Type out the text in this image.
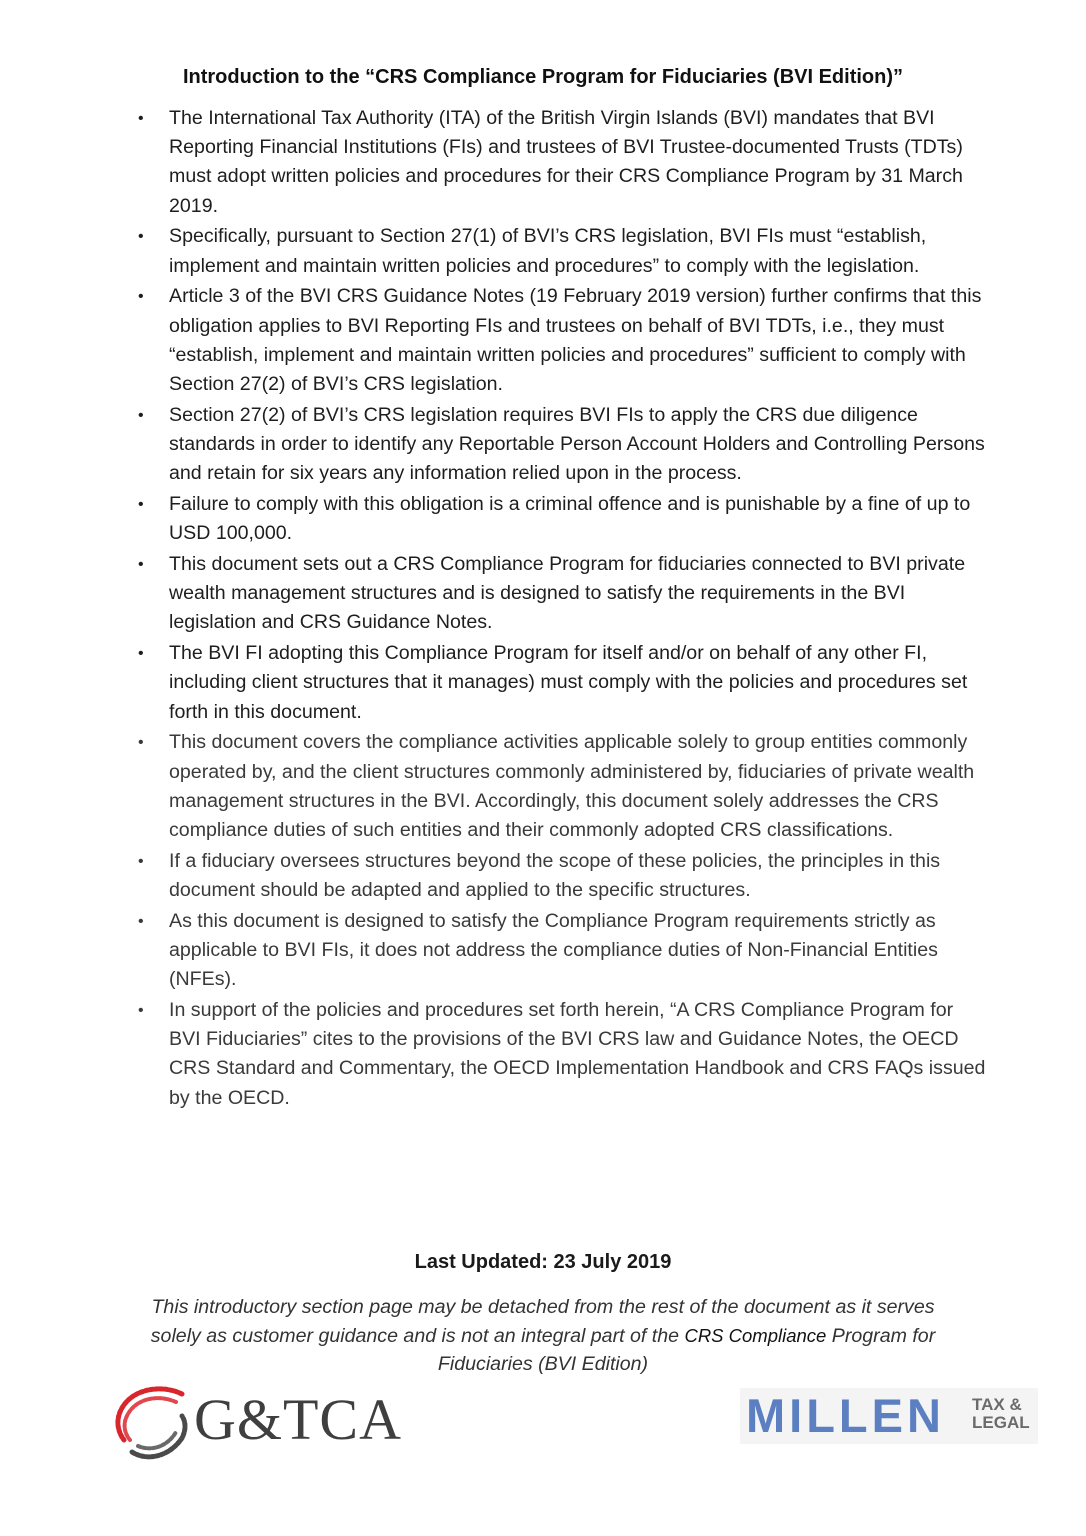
Introduction to the “CRS Compliance Program for Fiduciaries (BVI Edition)”
• The International Tax Authority (ITA) of the British Virgin Islands (BVI) mandates that BVI Reporting Financial Institutions (FIs) and trustees of BVI Trustee-documented Trusts (TDTs) must adopt written policies and procedures for their CRS Compliance Program by 31 March 2019.
• Specifically, pursuant to Section 27(1) of BVI’s CRS legislation, BVI FIs must “establish, implement and maintain written policies and procedures” to comply with the legislation.
• Article 3 of the BVI CRS Guidance Notes (19 February 2019 version) further confirms that this obligation applies to BVI Reporting FIs and trustees on behalf of BVI TDTs, i.e., they must “establish, implement and maintain written policies and procedures” sufficient to comply with Section 27(2) of BVI’s CRS legislation.
• Section 27(2) of BVI’s CRS legislation requires BVI FIs to apply the CRS due diligence standards in order to identify any Reportable Person Account Holders and Controlling Persons and retain for six years any information relied upon in the process.
• Failure to comply with this obligation is a criminal offence and is punishable by a fine of up to USD 100,000.
• This document sets out a CRS Compliance Program for fiduciaries connected to BVI private wealth management structures and is designed to satisfy the requirements in the BVI legislation and CRS Guidance Notes.
• The BVI FI adopting this Compliance Program for itself and/or on behalf of any other FI, including client structures that it manages) must comply with the policies and procedures set forth in this document.
• This document covers the compliance activities applicable solely to group entities commonly operated by, and the client structures commonly administered by, fiduciaries of private wealth management structures in the BVI. Accordingly, this document solely addresses the CRS compliance duties of such entities and their commonly adopted CRS classifications.
• If a fiduciary oversees structures beyond the scope of these policies, the principles in this document should be adapted and applied to the specific structures.
• As this document is designed to satisfy the Compliance Program requirements strictly as applicable to BVI FIs, it does not address the compliance duties of Non-Financial Entities (NFEs).
• In support of the policies and procedures set forth herein, “A CRS Compliance Program for BVI Fiduciaries” cites to the provisions of the BVI CRS law and Guidance Notes, the OECD CRS Standard and Commentary, the OECD Implementation Handbook and CRS FAQs issued by the OECD.
Last Updated: 23 July 2019
This introductory section page may be detached from the rest of the document as it serves solely as customer guidance and is not an integral part of the CRS Compliance Program for Fiduciaries (BVI Edition)
G&TCA	MILLEN TAX &
LEGAL
